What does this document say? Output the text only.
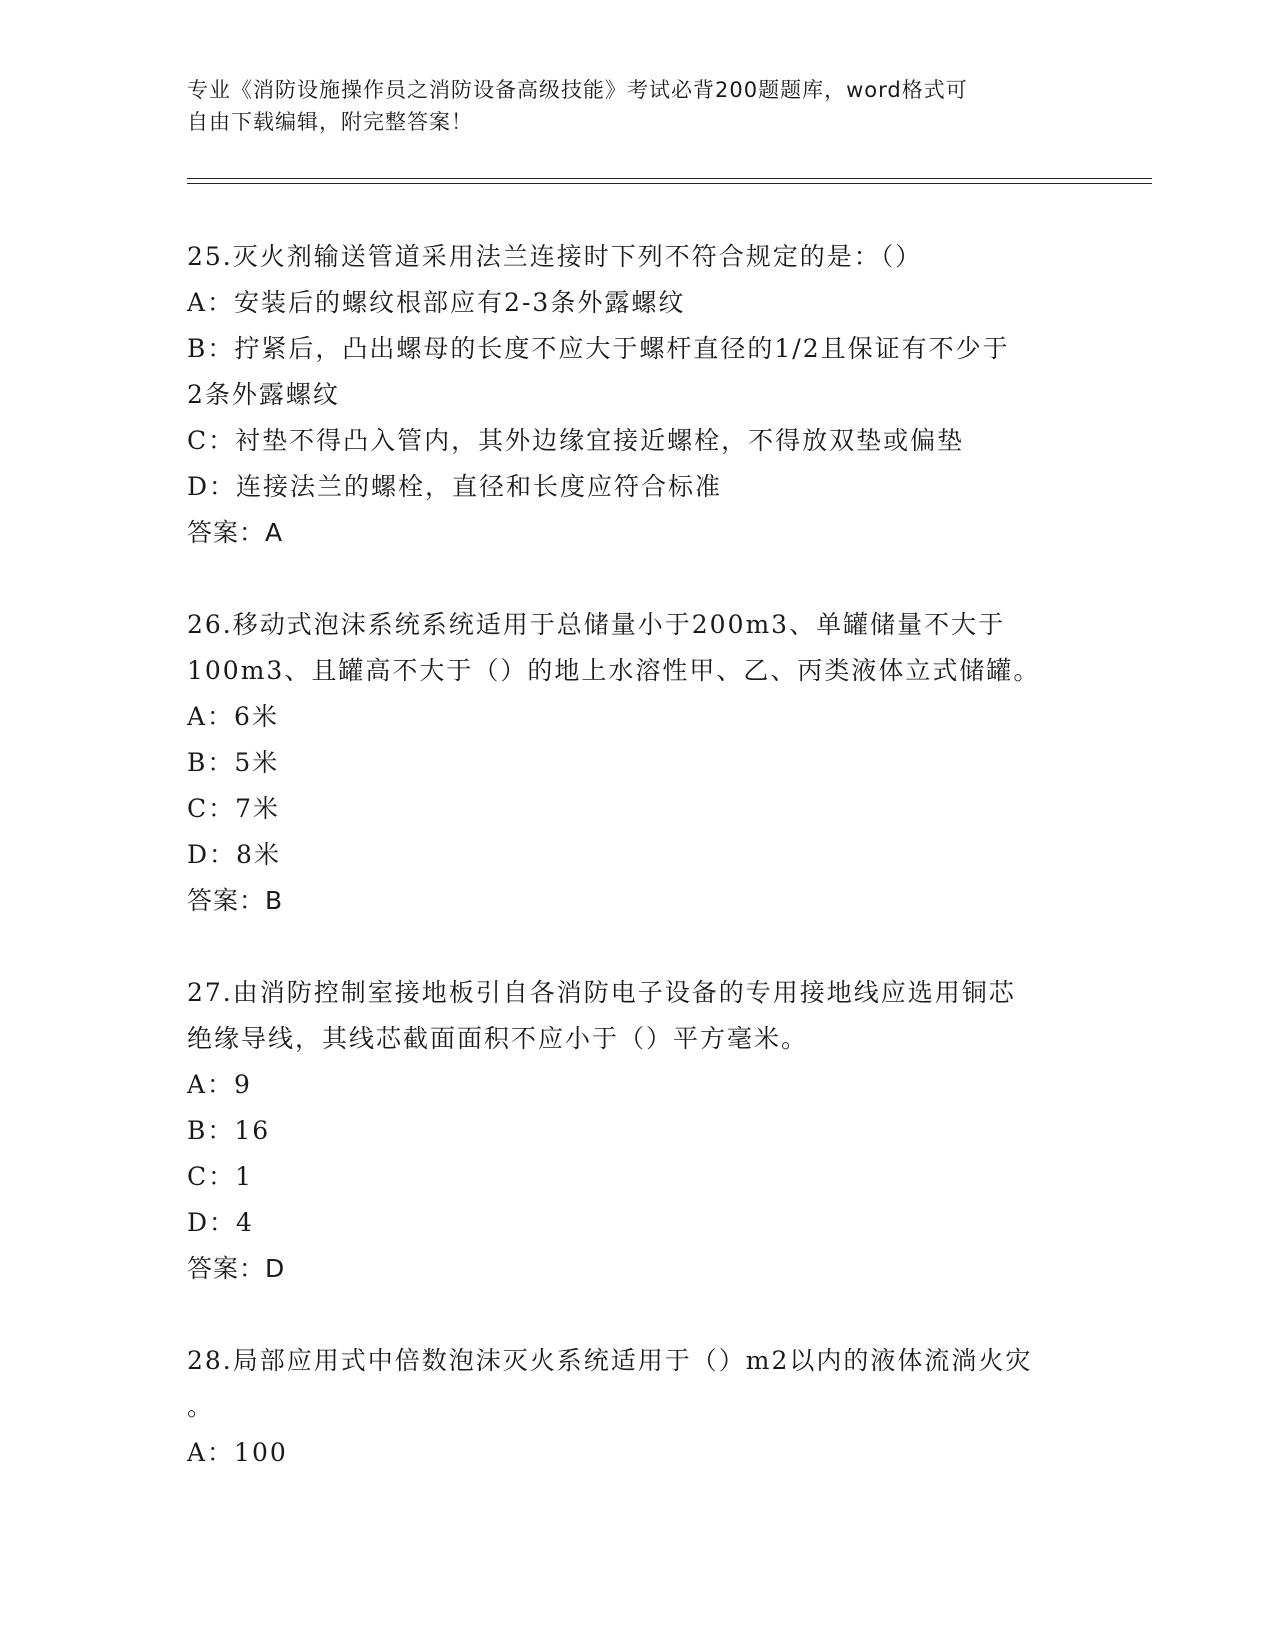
专业《消防设施操作员之消防设备高级技能》考试必背200题题库，word格式可
自由下载编辑，附完整答案！
25.灭火剂输送管道采用法兰连接时下列不符合规定的是：（）
A：安装后的螺纹根部应有2-3条外露螺纹
B：拧紧后，凸出螺母的长度不应大于螺杆直径的1/2且保证有不少于
2条外露螺纹
C：衬垫不得凸入管内，其外边缘宜接近螺栓，不得放双垫或偏垫
D：连接法兰的螺栓，直径和长度应符合标准
答案：A
26.移动式泡沫系统系统适用于总储量小于200m3、单罐储量不大于
100m3、且罐高不大于（）的地上水溶性甲、乙、丙类液体立式储罐。
A：6米
B：5米
C：7米
D：8米
答案：B
27.由消防控制室接地板引自各消防电子设备的专用接地线应选用铜芯
绝缘导线，其线芯截面面积不应小于（）平方毫米。
A：9
B：16
C：1
D：4
答案：D
28.局部应用式中倍数泡沫灭火系统适用于（）m2以内的液体流淌火灾
。
A：100
